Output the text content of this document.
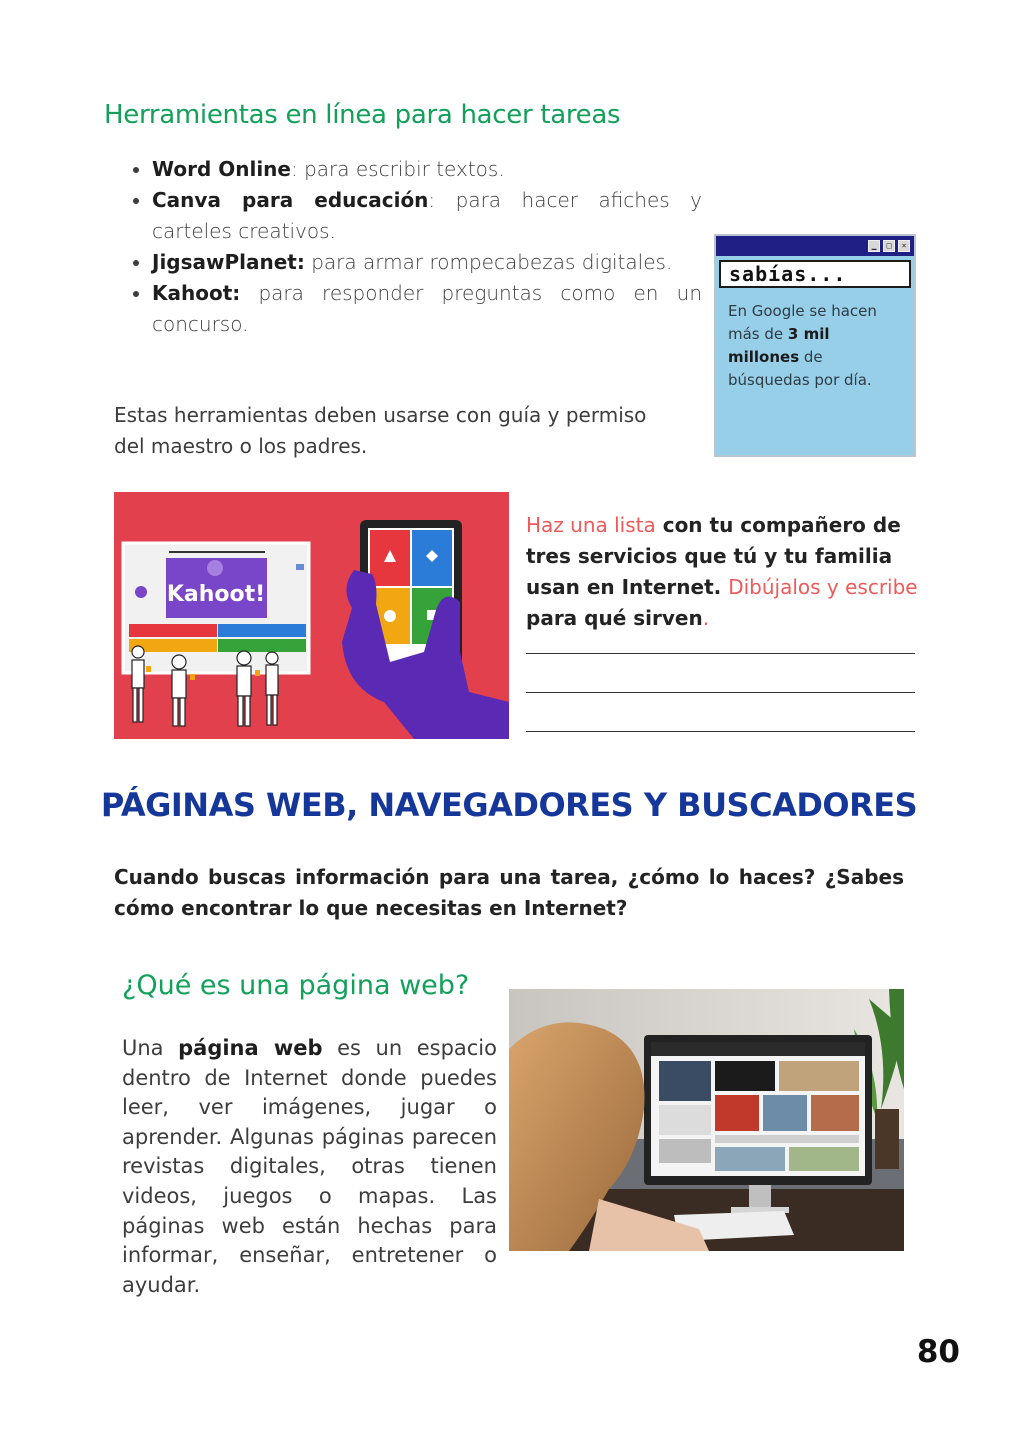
Herramientas en línea para hacer tareas
• Word Online: para escribir textos.
• Canva para educación: para hacer afiches y carteles creativos.
• JigsawPlanet: para armar rompecabezas digitales.
• Kahoot: para responder preguntas como en un concurso.

Estas herramientas deben usarse con guía y permiso del maestro o los padres.

▁	□	×
sabías...
En Google se hacen más de 3 mil millones de búsquedas por día.
Kahoot!

Haz una lista con tu compañero de tres servicios que tú y tu familia usan en Internet. Dibújalos y escribe para qué sirven.

PÁGINAS WEB, NAVEGADORES Y BUSCADORES

Cuando buscas información para una tarea, ¿cómo lo haces? ¿Sabes cómo encontrar lo que necesitas en Internet?

¿Qué es una página web?

Una página web es un espacio dentro de Internet donde puedes leer, ver imágenes, jugar o aprender. Algunas páginas parecen revistas digitales, otras tienen videos, juegos o mapas. Las páginas web están hechas para informar, enseñar, entretener o ayudar.

80
